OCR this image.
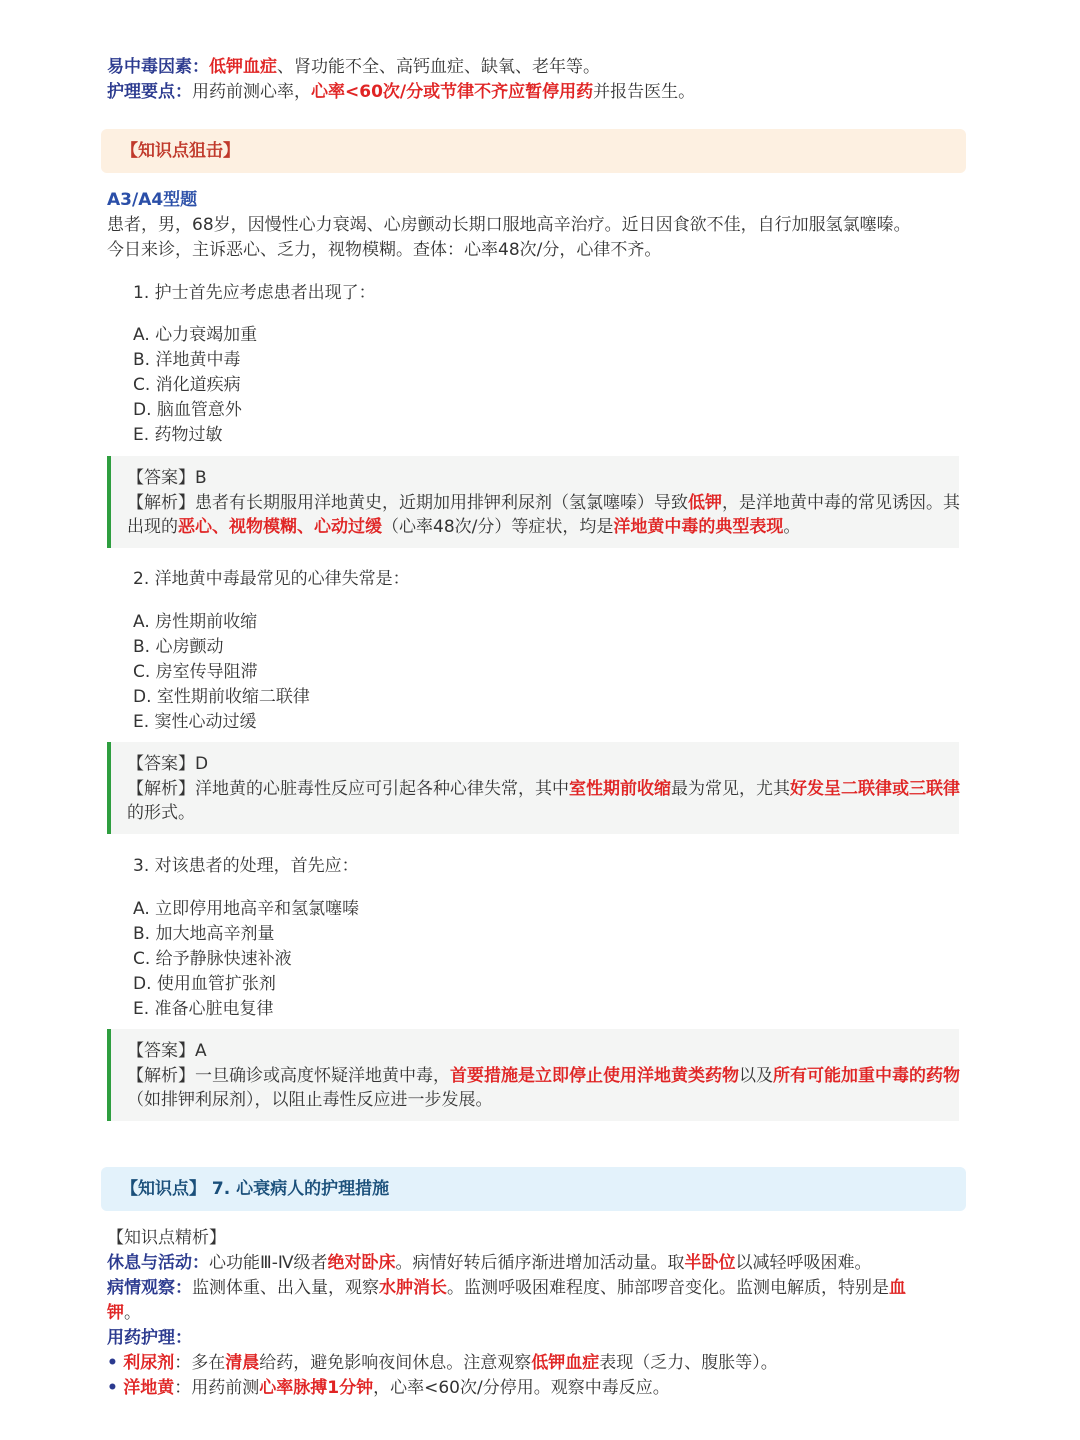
易中毒因素：低钾血症、肾功能不全、高钙血症、缺氧、老年等。
护理要点：用药前测心率，心率<60次/分或节律不齐应暂停用药并报告医生。
【知识点狙击】
A3/A4型题
患者，男，68岁，因慢性心力衰竭、心房颤动长期口服地高辛治疗。近日因食欲不佳，自行加服氢氯噻嗪。
今日来诊，主诉恶心、乏力，视物模糊。查体：心率48次/分，心律不齐。
1. 护士首先应考虑患者出现了：
A. 心力衰竭加重
B. 洋地黄中毒
C. 消化道疾病
D. 脑血管意外
E. 药物过敏
【答案】B
【解析】患者有长期服用洋地黄史，近期加用排钾利尿剂（氢氯噻嗪）导致低钾，是洋地黄中毒的常见诱因。其
出现的恶心、视物模糊、心动过缓（心率48次/分）等症状，均是洋地黄中毒的典型表现。
2. 洋地黄中毒最常见的心律失常是：
A. 房性期前收缩
B. 心房颤动
C. 房室传导阻滞
D. 室性期前收缩二联律
E. 窦性心动过缓
【答案】D
【解析】洋地黄的心脏毒性反应可引起各种心律失常，其中室性期前收缩最为常见，尤其好发呈二联律或三联律
的形式。
3. 对该患者的处理，首先应：
A. 立即停用地高辛和氢氯噻嗪
B. 加大地高辛剂量
C. 给予静脉快速补液
D. 使用血管扩张剂
E. 准备心脏电复律
【答案】A
【解析】一旦确诊或高度怀疑洋地黄中毒，首要措施是立即停止使用洋地黄类药物以及所有可能加重中毒的药物
（如排钾利尿剂），以阻止毒性反应进一步发展。
【知识点】 7. 心衰病人的护理措施
【知识点精析】
休息与活动：心功能Ⅲ-Ⅳ级者绝对卧床。病情好转后循序渐进增加活动量。取半卧位以减轻呼吸困难。
病情观察：监测体重、出入量，观察水肿消长。监测呼吸困难程度、肺部啰音变化。监测电解质，特别是血
钾。
用药护理：
• 利尿剂：多在清晨给药，避免影响夜间休息。注意观察低钾血症表现（乏力、腹胀等）。
• 洋地黄：用药前测心率脉搏1分钟，心率<60次/分停用。观察中毒反应。
